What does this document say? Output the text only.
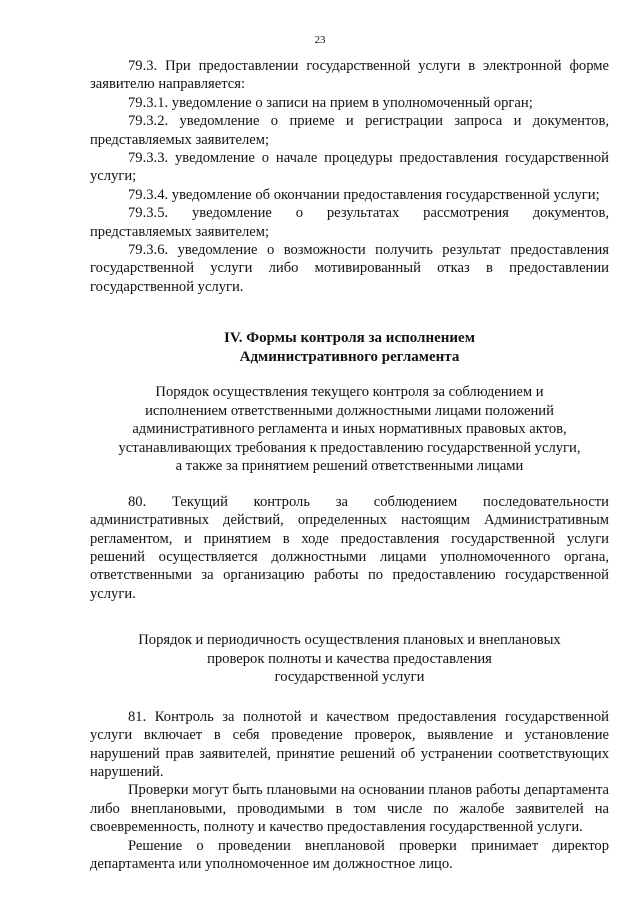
23

79.3. При предоставлении государственной услуги в электронной форме заявителю направляется:

79.3.1. уведомление о записи на прием в уполномоченный орган;

79.3.2. уведомление о приеме и регистрации запроса и документов, представляемых заявителем;

79.3.3. уведомление о начале процедуры предоставления государственной услуги;

79.3.4. уведомление об окончании предоставления государственной услуги;

79.3.5. уведомление о результатах рассмотрения документов, представляемых заявителем;

79.3.6. уведомление о возможности получить результат предоставления государственной услуги либо мотивированный отказ в предоставлении государственной услуги.

IV. Формы контроля за исполнением

Административного регламента

Порядок осуществления текущего контроля за соблюдением и

исполнением ответственными должностными лицами положений

административного регламента и иных нормативных правовых актов,

устанавливающих требования к предоставлению государственной услуги,

а также за принятием решений ответственными лицами

80. Текущий контроль за соблюдением последовательности административных действий, определенных настоящим Административным регламентом, и принятием в ходе предоставления государственной услуги решений осуществляется должностными лицами уполномоченного органа, ответственными за организацию работы по предоставлению государственной услуги.

Порядок и периодичность осуществления плановых и внеплановых

проверок полноты и качества предоставления

государственной услуги

81. Контроль за полнотой и качеством предоставления государственной услуги включает в себя проведение проверок, выявление и установление нарушений прав заявителей, принятие решений об устранении соответствующих нарушений.

Проверки могут быть плановыми на основании планов работы департамента либо внеплановыми, проводимыми в том числе по жалобе заявителей на своевременность, полноту и качество предоставления государственной услуги.

Решение о проведении внеплановой проверки принимает директор департамента или уполномоченное им должностное лицо.
